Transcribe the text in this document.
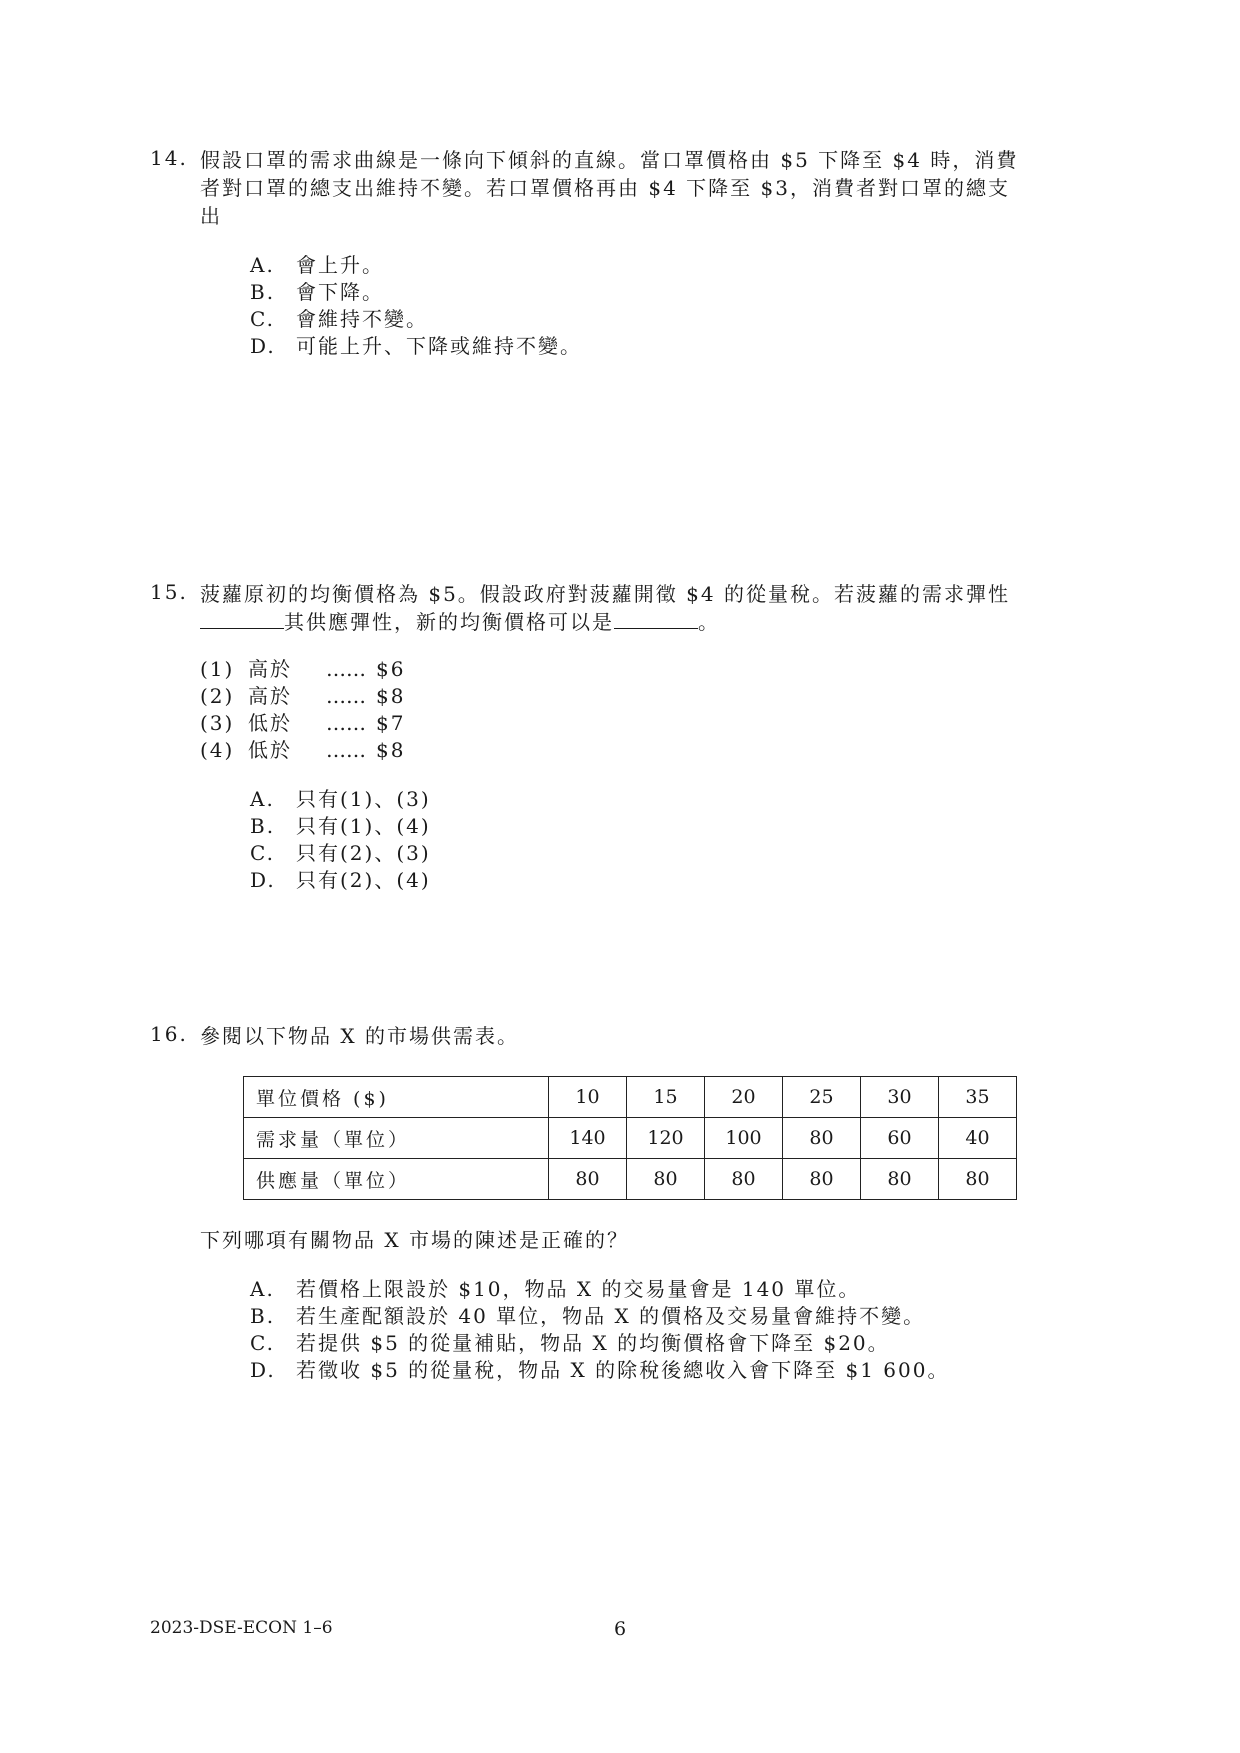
14. 假設口罩的需求曲線是一條向下傾斜的直線。當口罩價格由 $5 下降至 $4 時，消費
者對口罩的總支出維持不變。若口罩價格再由 $4 下降至 $3，消費者對口罩的總支
出
A.	會上升。
B.	會下降。
C.	會維持不變。
D.	可能上升、下降或維持不變。
15. 菠蘿原初的均衡價格為 $5。假設政府對菠蘿開徵 $4 的從量稅。若菠蘿的需求彈性
其供應彈性，新的均衡價格可以是	。
(1) 高於	…… $6
(2) 高於	…… $8
(3) 低於	…… $7
(4) 低於	…… $8
A.	只有(1)、(3)
B.	只有(1)、(4)
C.	只有(2)、(3)
D.	只有(2)、(4)
16. 參閱以下物品 X 的市場供需表。
單位價格 ($)	10	15	20	25	30	35
需求量（單位）	140	120	100	80	60	40
供應量（單位）	80	80	80	80	80	80
下列哪項有關物品 X 市場的陳述是正確的？
A.	若價格上限設於 $10，物品 X 的交易量會是 140 單位。
B.	若生產配額設於 40 單位，物品 X 的價格及交易量會維持不變。
C.	若提供 $5 的從量補貼，物品 X 的均衡價格會下降至 $20。
D.	若徵收 $5 的從量稅，物品 X 的除稅後總收入會下降至 $1 600。
2023-DSE-ECON 1–6	6
